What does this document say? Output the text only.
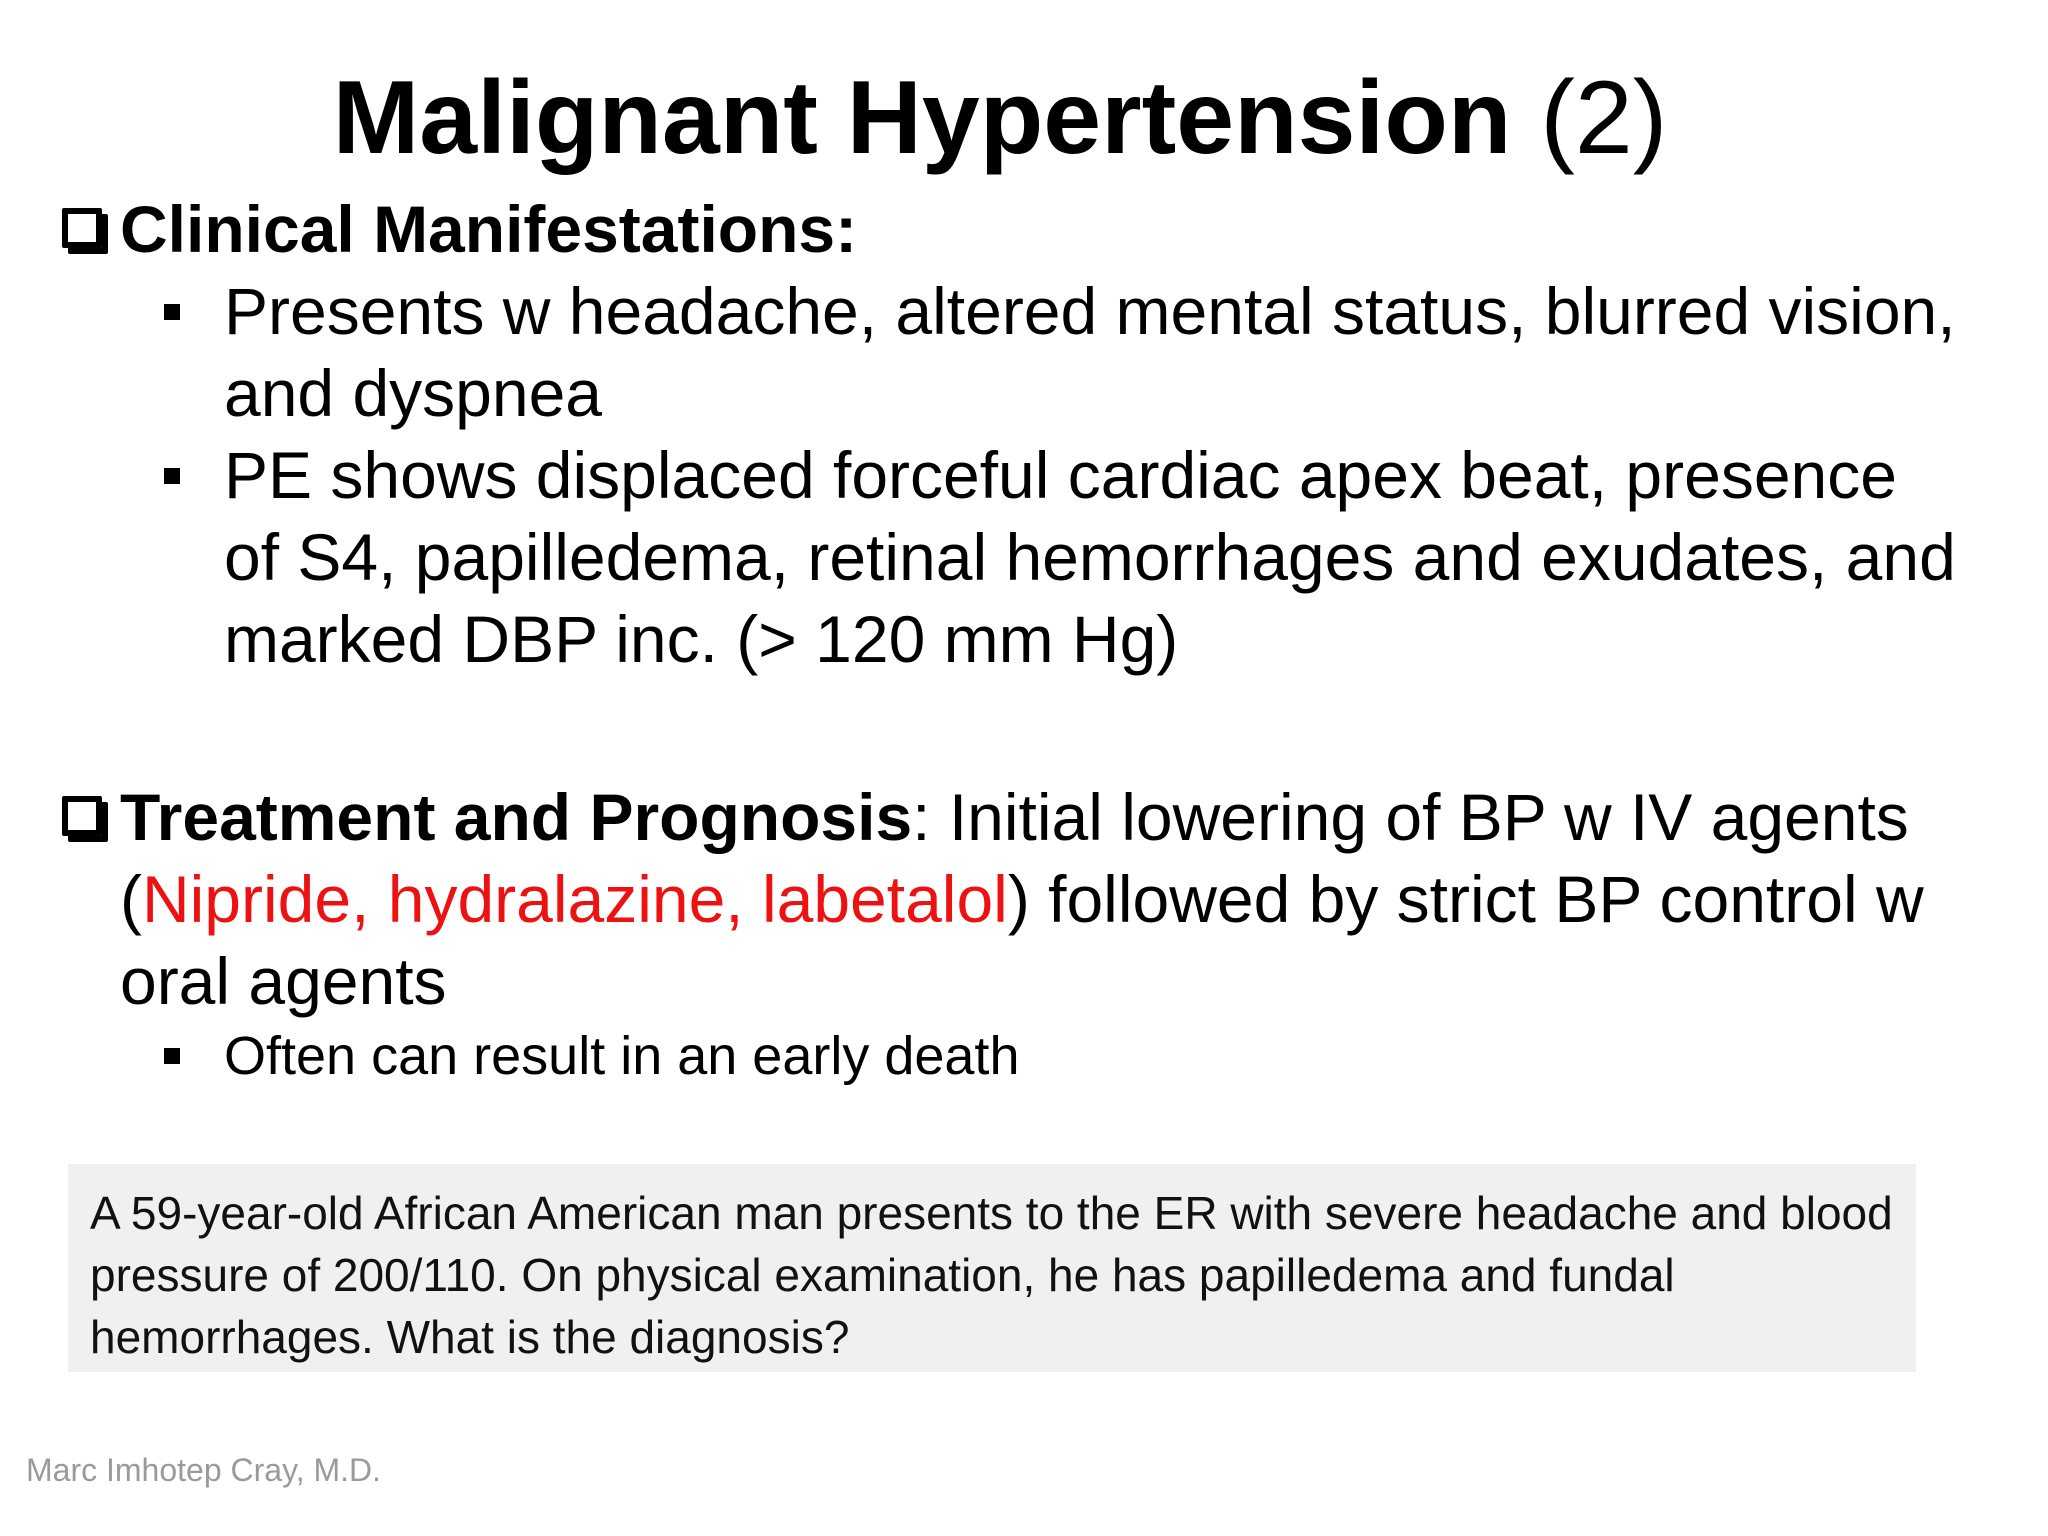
Malignant Hypertension (2)
Clinical Manifestations:
Presents w headache, altered mental status, blurred vision, and dyspnea
PE shows displaced forceful cardiac apex beat, presence of S4, papilledema, retinal hemorrhages and exudates, and marked DBP inc. (> 120 mm Hg)
Treatment and Prognosis: Initial lowering of BP w IV agents (Nipride, hydralazine, labetalol) followed by strict BP control w oral agents
Often can result in an early death
A 59-year-old African American man presents to the ER with severe headache and blood pressure of 200/110. On physical examination, he has papilledema and fundal hemorrhages. What is the diagnosis?
Marc Imhotep Cray, M.D.
